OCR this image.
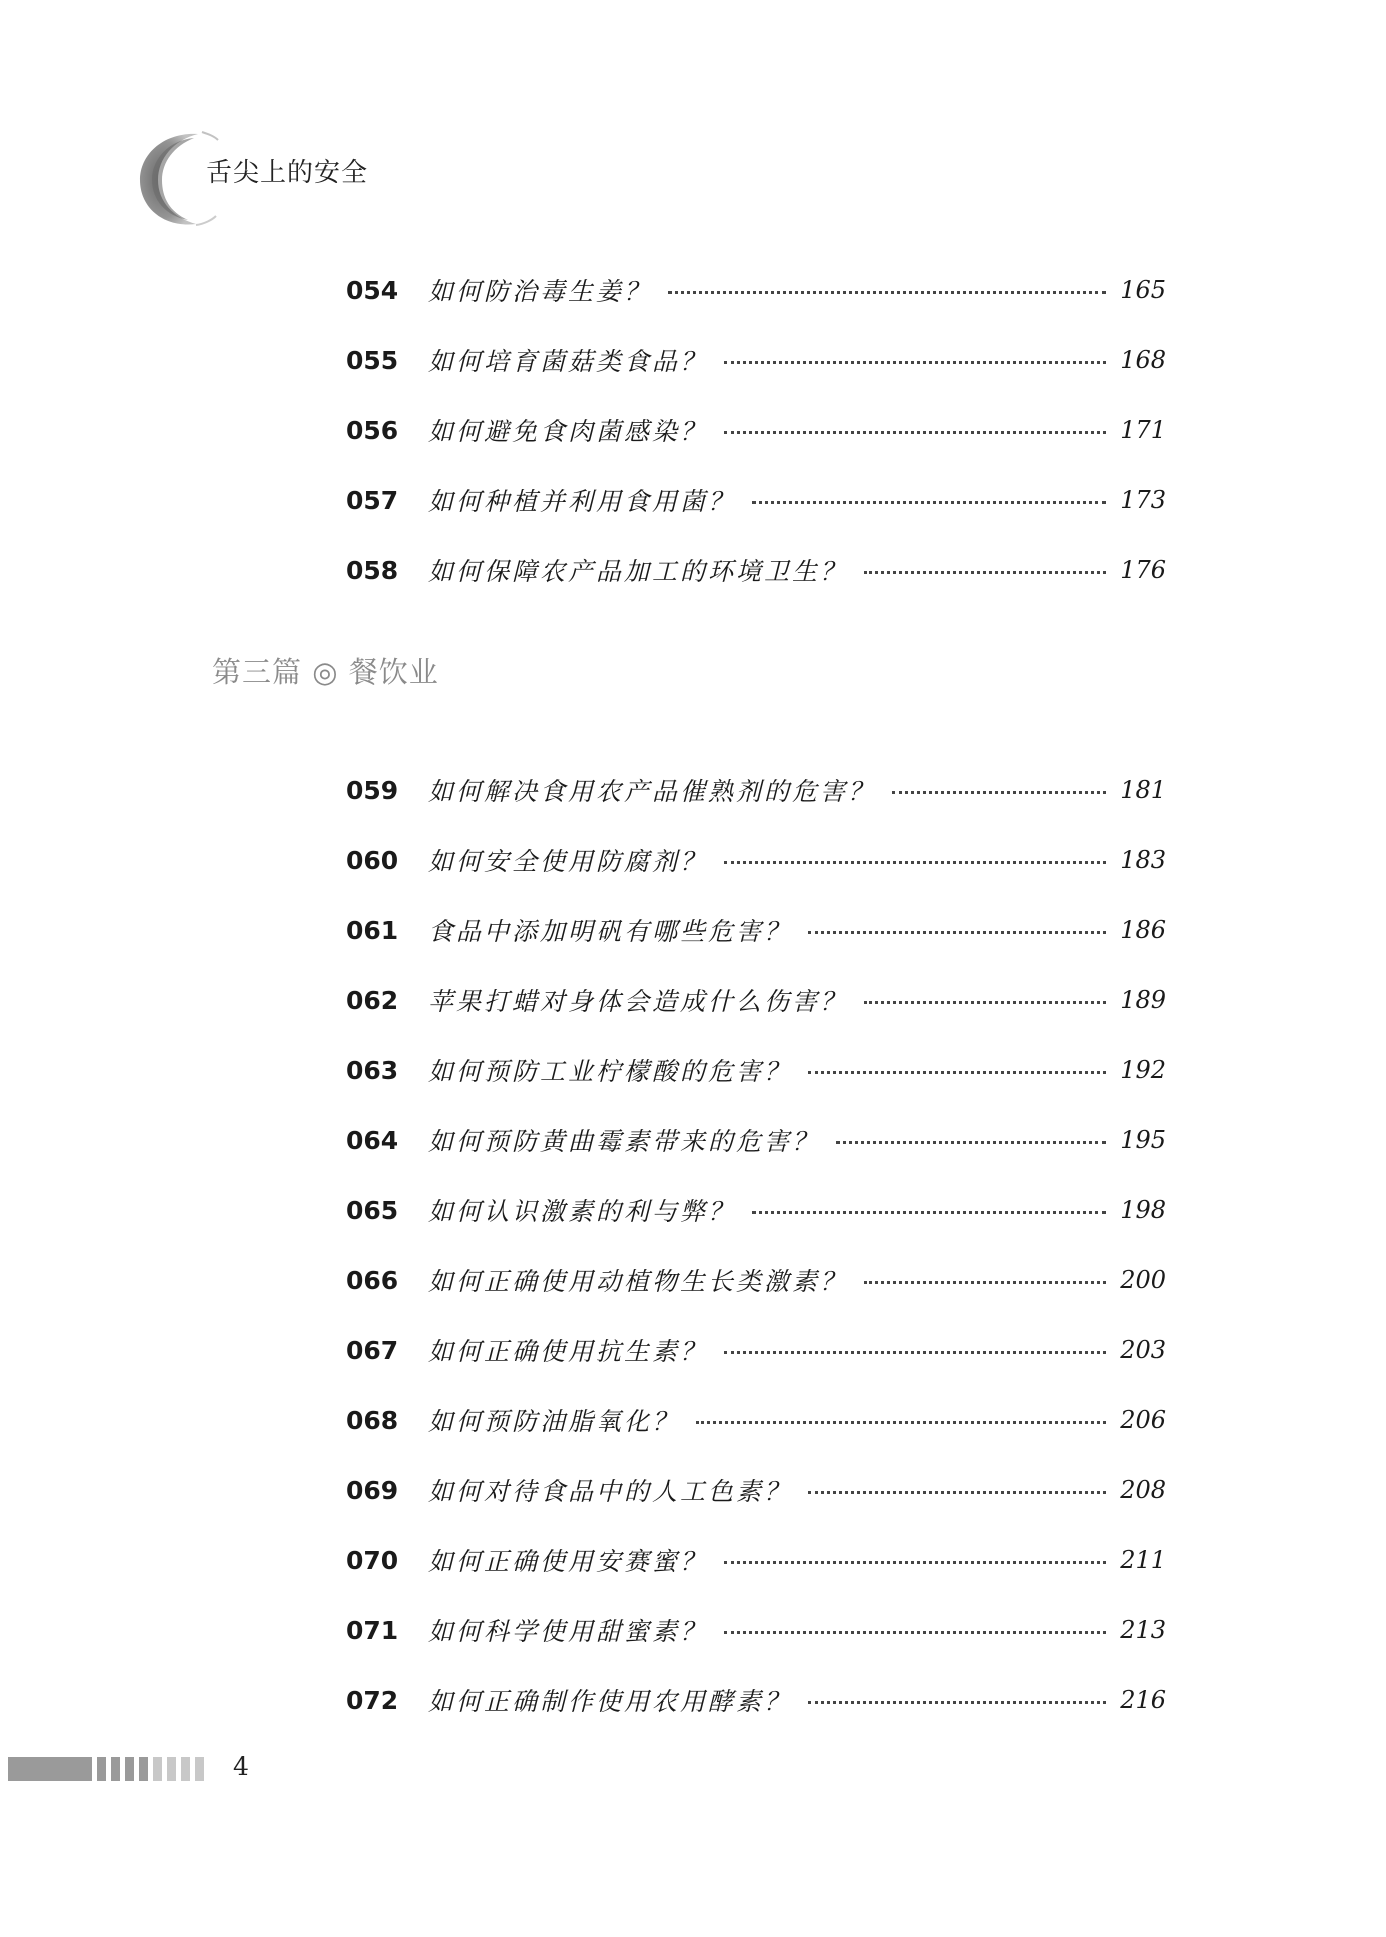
舌尖上的安全
054	如何防治毒生姜？	165
055	如何培育菌菇类食品？	168
056	如何避免食肉菌感染？	171
057	如何种植并利用食用菌？	173
058	如何保障农产品加工的环境卫生？	176
第三篇 ◎ 餐饮业
059	如何解决食用农产品催熟剂的危害？	181
060	如何安全使用防腐剂？	183
061	食品中添加明矾有哪些危害？	186
062	苹果打蜡对身体会造成什么伤害？	189
063	如何预防工业柠檬酸的危害？	192
064	如何预防黄曲霉素带来的危害？	195
065	如何认识激素的利与弊？	198
066	如何正确使用动植物生长类激素？	200
067	如何正确使用抗生素？	203
068	如何预防油脂氧化？	206
069	如何对待食品中的人工色素？	208
070	如何正确使用安赛蜜？	211
071	如何科学使用甜蜜素？	213
072	如何正确制作使用农用酵素？	216
4
